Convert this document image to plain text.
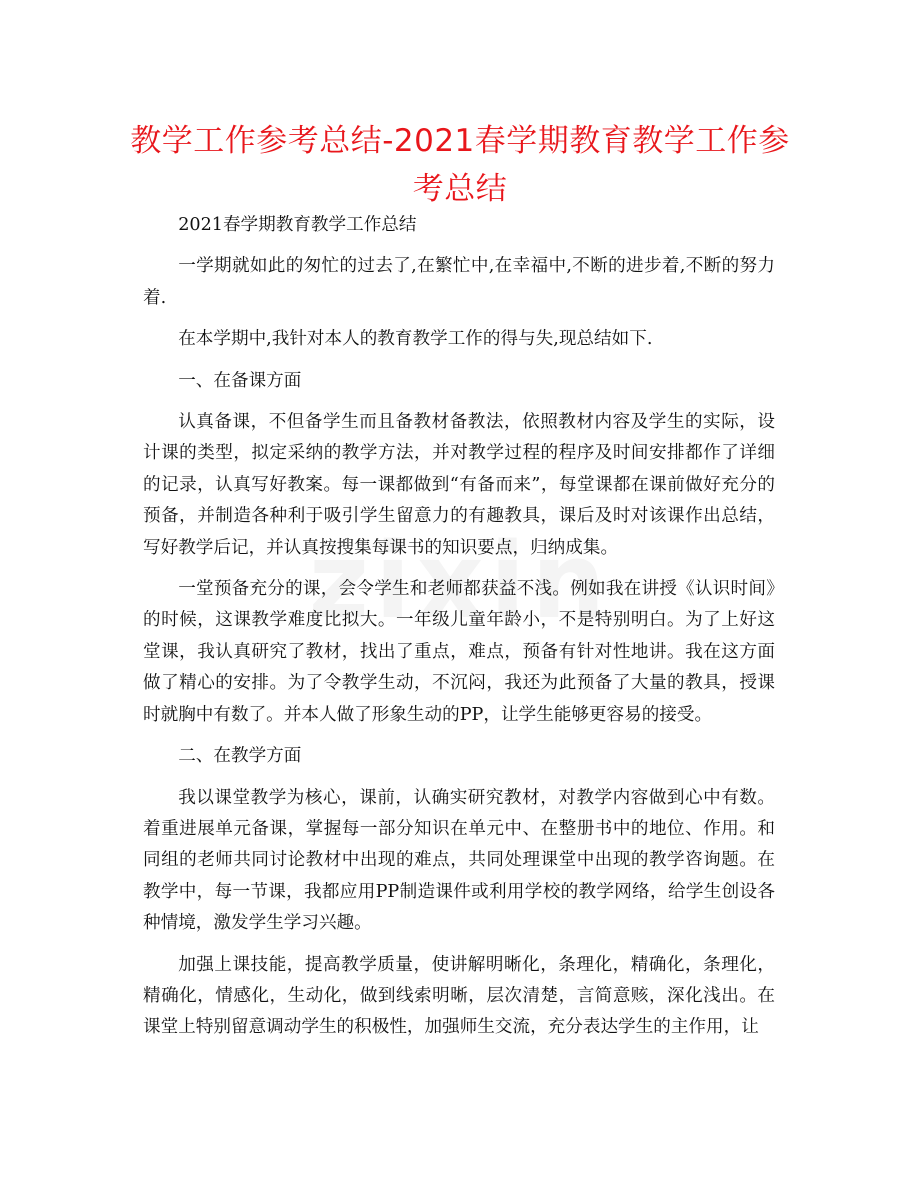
教学工作参考总结-2021春学期教育教学工作参考总结

2021春学期教育教学工作总结

一学期就如此的匆忙的过去了,在繁忙中,在幸福中,不断的进步着,不断的努力着.

在本学期中,我针对本人的教育教学工作的得与失,现总结如下.

一、在备课方面

认真备课，不但备学生而且备教材备教法，依照教材内容及学生的实际，设计课的类型，拟定采纳的教学方法，并对教学过程的程序及时间安排都作了详细的记录，认真写好教案。每一课都做到“有备而来”，每堂课都在课前做好充分的预备，并制造各种利于吸引学生留意力的有趣教具，课后及时对该课作出总结，写好教学后记，并认真按搜集每课书的知识要点，归纳成集。

一堂预备充分的课，会令学生和老师都获益不浅。例如我在讲授《认识时间》的时候，这课教学难度比拟大。一年级儿童年龄小，不是特别明白。为了上好这堂课，我认真研究了教材，找出了重点，难点，预备有针对性地讲。我在这方面做了精心的安排。为了令教学生动，不沉闷，我还为此预备了大量的教具，授课时就胸中有数了。并本人做了形象生动的PP，让学生能够更容易的接受。

二、在教学方面

我以课堂教学为核心，课前，认确实研究教材，对教学内容做到心中有数。着重进展单元备课，掌握每一部分知识在单元中、在整册书中的地位、作用。和同组的老师共同讨论教材中出现的难点，共同处理课堂中出现的教学咨询题。在教学中，每一节课，我都应用PP制造课件或利用学校的教学网络，给学生创设各种情境，激发学生学习兴趣。

加强上课技能，提高教学质量，使讲解明晰化，条理化，精确化，条理化，精确化，情感化，生动化，做到线索明晰，层次清楚，言简意赅，深化浅出。在课堂上特别留意调动学生的积极性，加强师生交流，充分表达学生的主作用，让
